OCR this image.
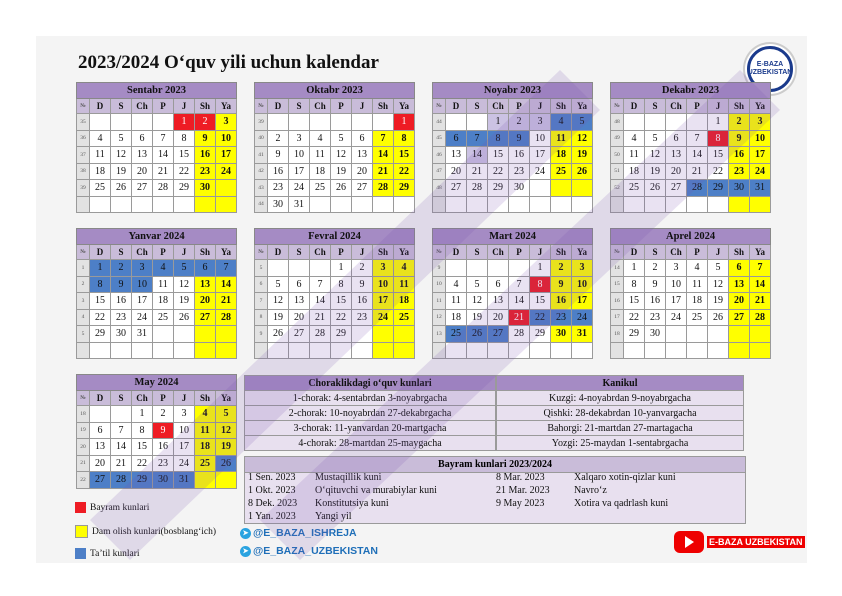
2023/2024 O‘quv yili uchun kalendar	E-BAZA UZBEKISTAN
Sentabr 2023							
№	D	S	Ch	P	J	Sh	Ya
35					1	2	3
36	4	5	6	7	8	9	10
37	11	12	13	14	15	16	17
38	18	19	20	21	22	23	24
39	25	26	27	28	29	30	

Oktabr 2023							
№	D	S	Ch	P	J	Sh	Ya
39							1
40	2	3	4	5	6	7	8
41	9	10	11	12	13	14	15
42	16	17	18	19	20	21	22
43	23	24	25	26	27	28	29
44	30	31					
Noyabr 2023							
№	D	S	Ch	P	J	Sh	Ya
44			1	2	3	4	5
45	6	7	8	9	10	11	12
46	13	14	15	16	17	18	19
47	20	21	22	23	24	25	26
48	27	28	29	30			

Dekabr 2023							
№	D	S	Ch	P	J	Sh	Ya
48					1	2	3
49	4	5	6	7	8	9	10
50	11	12	13	14	15	16	17
51	18	19	20	21	22	23	24
52	25	26	27	28	29	30	31

Yanvar 2024							
№	D	S	Ch	P	J	Sh	Ya
1	1	2	3	4	5	6	7
2	8	9	10	11	12	13	14
3	15	16	17	18	19	20	21
4	22	23	24	25	26	27	28
5	29	30	31				

Fevral 2024							
№	D	S	Ch	P	J	Sh	Ya
5				1	2	3	4
6	5	6	7	8	9	10	11
7	12	13	14	15	16	17	18
8	19	20	21	22	23	24	25
9	26	27	28	29			

Mart 2024							
№	D	S	Ch	P	J	Sh	Ya
9					1	2	3
10	4	5	6	7	8	9	10
11	11	12	13	14	15	16	17
12	18	19	20	21	22	23	24
13	25	26	27	28	29	30	31

Aprel 2024							
№	D	S	Ch	P	J	Sh	Ya
14	1	2	3	4	5	6	7
15	8	9	10	11	12	13	14
16	15	16	17	18	19	20	21
17	22	23	24	25	26	27	28
18	29	30					

May 2024							
№	D	S	Ch	P	J	Sh	Ya
18			1	2	3	4	5
19	6	7	8	9	10	11	12
20	13	14	15	16	17	18	19
21	20	21	22	23	24	25	26
22	27	28	29	30	31		
Choraklikdagi o‘quv kunlari
1-chorak: 4-sentabrdan 3-noyabrgacha
2-chorak: 10-noyabrdan 27-dekabrgacha
3-chorak: 11-yanvardan 20-martgacha
4-chorak: 28-martdan 25-maygacha
Kanikul
Kuzgi: 4-noyabrdan 9-noyabrgacha
Qishki: 28-dekabrdan 10-yanvargacha
Bahorgi: 21-martdan 27-martagacha
Yozgi: 25-maydan 1-sentabrgacha
Bayram kunlari 2023/2024
1 Sen. 2023 Mustaqillik kuni
1 Okt. 2023 O‘qituvchi va murabiylar kuni
8 Dek. 2023 Konstitutsiya kuni
1 Yan. 2023 Yangi yil
8 Mar. 2023	Xalqaro xotin-qizlar kuni
21 Mar. 2023 Navro‘z
9 May 2023	Xotira va qadrlash kuni
Bayram kunlari
Dam olish kunlari(bosblang‘ich)
Ta’til kunlari
➤ @E_BAZA_ISHREJA
➤ @E_BAZA_UZBEKISTAN
E-BAZA UZBEKISTAN
